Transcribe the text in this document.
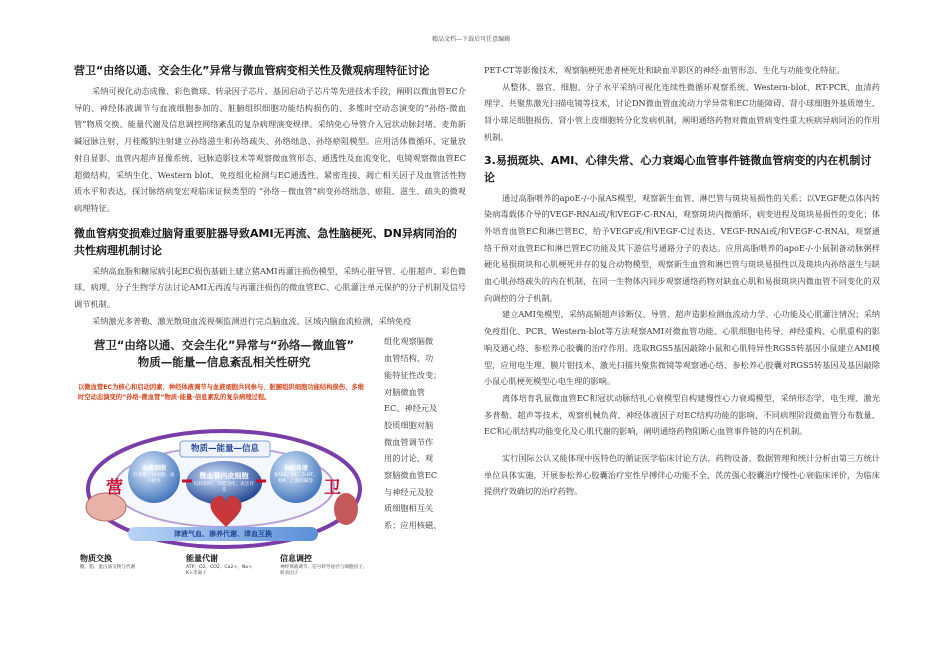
精品文档---下载后可任意编辑
营卫“由络以通、交会生化”异常与微血管病变相关性及微观病理特征讨论

采纳可视化动态成像、彩色微球、转录因子芯片、基因启动子芯片等先进技术手段，阐明以微血管EC介导的、神经体液调节与血液细胞参加的、脏腑组织细胞功能结构损伤的、多维时空动态演变的“孙络-微血管”物质交换、能量代谢及信息调控网络紊乱的复杂病理演变规律。采纳免心导管介入冠状动脉封堵、麦角新碱冠脉注射、月桂酸钠注射建立孙络滋生和孙络疏失、孙络绌急、孙络瘀阻模型。应用活体微循环、定量放射自显影、血管内超声显像系统、冠脉造影技术等观察微血管形态、通透性及血流变化，电镜观察微血管EC超微结构，采纳生化、Western blot、免疫组化检测与EC通透性、紧密连接、凋亡相关因子及血管活性物质水平和表达，探讨脉络病变宏观临床证候类型的 “孙络－微血管”病变孙络绌急、瘀阻、滋生、疏失的微观病理特征。

微血管病变损难过脑肾重要脏器导致AMI无再流、急性脑梗死、DN异病同治的共性病理机制讨论

采纳高血脂和糖尿病引起EC损伤基础上建立猪AMI再灌注损伤模型，采纳心脏导管、心脏超声、彩色微球、病理、分子生物学方法讨论AMI无再流与再灌注损伤的微血管EC、心肌灌注单元保护的分子机制及信号调节机制。

采纳激光多普勒、激光散斑血流视频监测进行完点脑血流、区域内脑血流检测，采纳免疫

营卫“由络以通、交会生化”异常与“孙络—微血管”
物质—能量—信息紊乱相关性研究
以微血管EC为核心和启动因素、神经体液调节与血液细胞共同参与、脏腑组织细胞功能结构损伤、多维时空动态演变的“孙络-微血管”物质-能量-信息素乱的复杂病理过程。
物质—能量—信息
血液细胞
红细胞、白细胞、血小板等
神经体液
BASS、NE、5-HT、DA、乙酰胆碱等
微血管内皮细胞
结构损伤、功能活化、表达异常
营	卫
津液气血、渗养代谢、津血互换
物质交换
糖、脂、蛋白质交换与代谢
能量代谢
ATP、O2、CO2、Ca2+、Na+、K+等离子
信息调控
神经体液调节、信号转导途径与细胞因子、转录因子
组化观察脑微
血管结构、功
能特征性改变；
对脑微血管
EC、神经元及
胶质细胞对脑
微血管调节作
用的讨论，观
察脑微血管EC
与神经元及胶
质细胞相互关
系；应用核磁、

PET-CT等影像技术，观察脑梗死患者梗死灶和缺血半影区的神经-血管形态、生化与功能变化特征。

从整体、器官、细胞、分子水平采纳可视化连续性微循环观察系统、Western-blot、RT-PCR、血清药理学、共聚焦激光扫描电镜等技术，讨论DN微血管血流动力学异常和EC功能障碍、肾小球细胞外基质增生、肾小球足细胞损伤、肾小管上皮细胞转分化发病机制，阐明通络药物对微血管病变性重大疾病异病同治的作用机制。

3.易损斑块、AMI、心律失常、心力衰竭心血管事件链微血管病变的内在机制讨论

通过高脂喂养的apoE-/-小鼠AS模型，观察新生血管、淋巴管与斑块易损性的关系；以VEGF靶点体内转染病毒载体介导的VEGF-RNAi或/和VEGF-C-RNAi，观察斑块内微循环、病变进程及斑块易损性的变化；体外培育血管EC和淋巴管EC，给予VEGF或/和VEGF-C过表达、VEGF-RNAi或/和VEGF-C-RNAi，观察通络干预对血管EC和淋巴管EC功能及其下游信号通路分子的表达。应用高脂喂养的apoE-/-小鼠制备动脉粥样硬化易损斑块和心肌梗死并存的复合动物模型，观察新生血管和淋巴管与斑块易损性以及斑块内孙络滋生与缺血心肌孙络疏失的内在机制，在同一生物体内同步观察通络药物对缺血心肌和易损斑块内微血管不同变化的双向调控的分子机制。

建立AMI兔模型，采纳高频超声诊断仪、导管、超声造影检测血流动力学、心功能及心肌灌注情况；采纳免疫组化、PCR、Western-blot等方法观察AMI对微血管功能、心肌细胞电传导、神经重构、心肌重构的影响及通心络、参松养心胶囊的治疗作用。选取RGS5基因敲除小鼠和心肌特异性RGS5转基因小鼠建立AMI模型，应用电生理、膜片钳技术、激光扫描共聚焦微镜等观察通心络、参松养心胶囊对RGS5转基因及基因敲除小鼠心肌梗死模型心电生理的影响。

离体培育乳鼠微血管EC和冠状动脉结扎心衰模型自构建慢性心力衰竭模型，采纳形态学、电生理、激光多普勒、超声等技术，观察机械负荷、神经体液因子对EC结构功能的影响，不同病理阶段微血管分布数量、EC和心肌结构功能变化及心肌代谢的影响，阐明通络药物阻断心血管事件链的内在机制。

实行国际公认又能体现中医特色的循证医学临床讨论方法，药物设备、数据管理和统计分析由第三方统计单位具体实施，开展参松养心胶囊治疗室性早搏伴心功能不全、芪苈强心胶囊治疗慢性心衰临床评价，为临床提供疗效确切的治疗药物。
